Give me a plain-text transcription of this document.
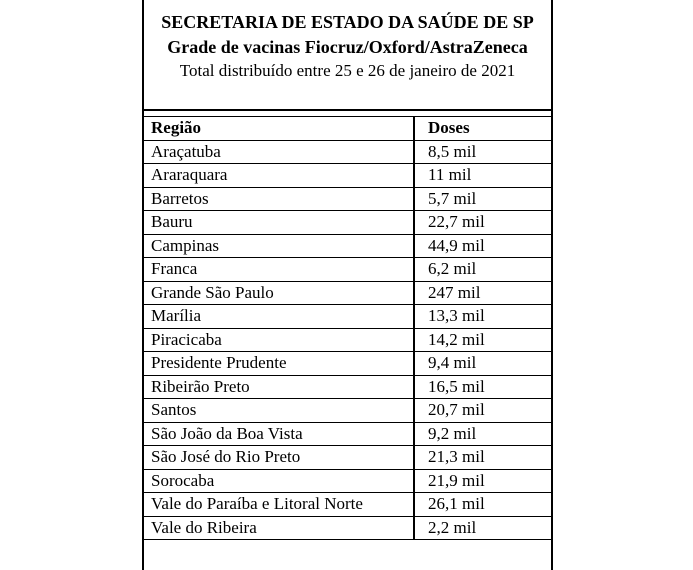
SECRETARIA DE ESTADO DA SAÚDE DE SP
Grade de vacinas Fiocruz/Oxford/AstraZeneca
Total distribuído entre 25 e 26 de janeiro de 2021
Região	Doses
Araçatuba	8,5 mil
Araraquara	11 mil
Barretos	5,7 mil
Bauru	22,7 mil
Campinas	44,9 mil
Franca	6,2 mil
Grande São Paulo	247 mil
Marília	13,3 mil
Piracicaba	14,2 mil
Presidente Prudente	9,4 mil
Ribeirão Preto	16,5 mil
Santos	20,7 mil
São João da Boa Vista	9,2 mil
São José do Rio Preto	21,3 mil
Sorocaba	21,9 mil
Vale do Paraíba e Litoral Norte	26,1 mil
Vale do Ribeira	2,2 mil
